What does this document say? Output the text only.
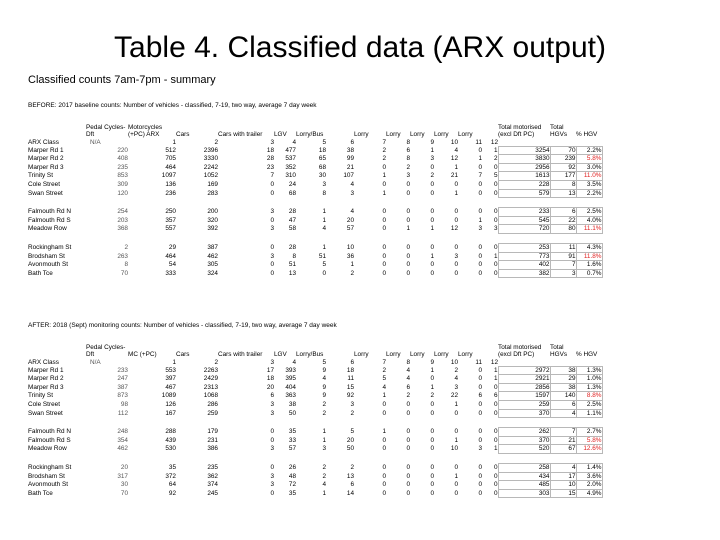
Table 4. Classified data (ARX output)
Classified counts 7am-7pm - summary
BEFORE: 2017 baseline counts: Number of vehicles - classified, 7-19, two way, average 7 day week
	Pedal Cycles-Dft	Motorcycles (+PC) ARX	Cars	Cars with trailer	LGV	Lorry/Bus		Lorry	Lorry	Lorry	Lorry	Lorry		Total motorised (excl Dft PC)	Total HGVs	% HGV
ARX Class	N/A	1	2	3	4	5	6	7	8	9	10	11	12			
Marper Rd 1	220	512	2396	18	477	18	38	2	6	1	4	0	1	3254	70	2.2%
Marper Rd 2	408	705	3330	28	537	65	99	2	8	3	12	1	2	3830	239	5.8%
Marper Rd 3	235	464	2242	23	352	68	21	0	2	0	1	0	0	2956	92	3.0%
Trinity St	853	1097	1052	7	310	30	107	1	3	2	21	7	5	1613	177	11.0%
Cole Street	309	136	169	0	24	3	4	0	0	0	0	0	0	228	8	3.5%
Swan Street	120	236	283	0	68	8	3	1	0	0	1	0	0	579	13	2.2%

Falmouth Rd N	254	250	200	3	28	1	4	0	0	0	0	0	0	233	6	2.5%
Falmouth Rd S	203	357	320	0	47	1	20	0	0	0	0	1	0	545	22	4.0%
Meadow Row	368	557	392	3	58	4	57	0	1	1	12	3	3	720	80	11.1%

Rockingham St	2	29	387	0	28	1	10	0	0	0	0	0	0	253	11	4.3%
Brodsham St	263	464	462	3	8	51	36	0	0	1	3	0	1	773	91	11.8%
Avonmouth St	8	54	305	0	51	5	1	0	0	0	0	0	0	402	7	1.6%
Bath Tce	70	333	324	0	13	0	2	0	0	0	0	0	0	382	3	0.7%
AFTER: 2018 (Sept) monitoring counts: Number of vehicles - classified, 7-19, two way, average 7 day week
	Pedal Cycles-Dft	MC (+PC)	Cars	Cars with trailer	LGV	Lorry/Bus		Lorry	Lorry	Lorry	Lorry	Lorry		Total motorised (excl Dft PC)	Total HGVs	% HGV
ARX Class	N/A	1	2	3	4	5	6	7	8	9	10	11	12			
Marper Rd 1	233	553	2263	17	393	9	18	2	4	1	2	0	1	2972	38	1.3%
Marper Rd 2	247	397	2429	18	395	4	11	5	4	0	4	0	1	2921	29	1.0%
Marper Rd 3	387	467	2313	20	404	9	15	4	6	1	3	0	0	2856	38	1.3%
Trinity St	873	1089	1068	6	363	9	92	1	2	2	22	6	6	1597	140	8.8%
Cole Street	98	126	286	3	38	2	3	0	0	0	1	0	0	259	6	2.5%
Swan Street	112	167	259	3	50	2	2	0	0	0	0	0	0	370	4	1.1%

Falmouth Rd N	248	288	179	0	35	1	5	1	0	0	0	0	0	262	7	2.7%
Falmouth Rd S	354	439	231	0	33	1	20	0	0	0	1	0	0	370	21	5.8%
Meadow Row	462	530	386	3	57	3	50	0	0	0	10	3	1	520	67	12.6%

Rockingham St	20	35	235	0	26	2	2	0	0	0	0	0	0	258	4	1.4%
Brodsham St	317	372	362	3	48	2	13	0	0	0	1	0	0	434	17	3.6%
Avonmouth St	30	64	374	3	72	4	6	0	0	0	0	0	0	485	10	2.0%
Bath Tce	70	92	245	0	35	1	14	0	0	0	0	0	0	303	15	4.9%
